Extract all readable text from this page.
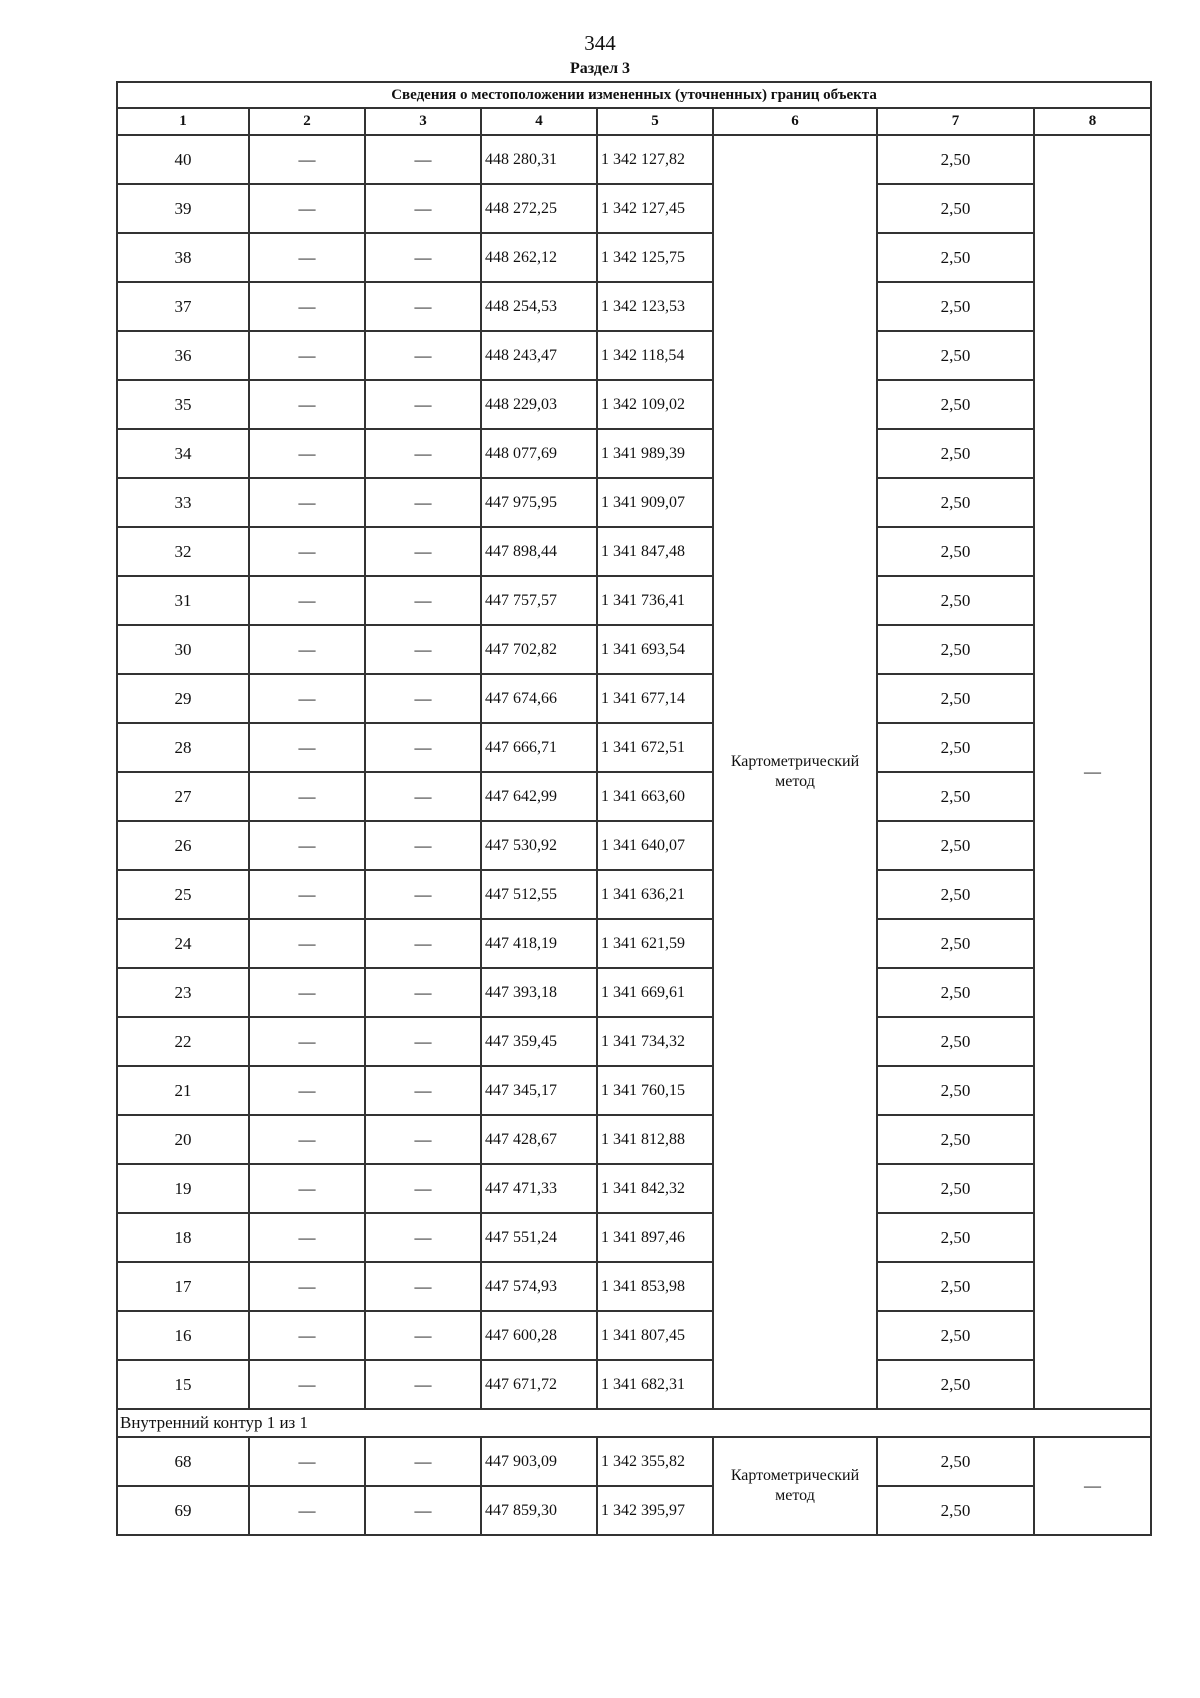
344
Раздел 3
Сведения о местоположении измененных (уточненных) границ объекта							
1	2	3	4	5	6	7	8
40	—	—	448 280,31	1 342 127,82	Картометрический метод	2,50	—
39	—	—	448 272,25	1 342 127,45		2,50	
38	—	—	448 262,12	1 342 125,75		2,50	
37	—	—	448 254,53	1 342 123,53		2,50	
36	—	—	448 243,47	1 342 118,54		2,50	
35	—	—	448 229,03	1 342 109,02		2,50	
34	—	—	448 077,69	1 341 989,39		2,50	
33	—	—	447 975,95	1 341 909,07		2,50	
32	—	—	447 898,44	1 341 847,48		2,50	
31	—	—	447 757,57	1 341 736,41		2,50	
30	—	—	447 702,82	1 341 693,54		2,50	
29	—	—	447 674,66	1 341 677,14		2,50	
28	—	—	447 666,71	1 341 672,51		2,50	
27	—	—	447 642,99	1 341 663,60		2,50	
26	—	—	447 530,92	1 341 640,07		2,50	
25	—	—	447 512,55	1 341 636,21		2,50	
24	—	—	447 418,19	1 341 621,59		2,50	
23	—	—	447 393,18	1 341 669,61		2,50	
22	—	—	447 359,45	1 341 734,32		2,50	
21	—	—	447 345,17	1 341 760,15		2,50	
20	—	—	447 428,67	1 341 812,88		2,50	
19	—	—	447 471,33	1 341 842,32		2,50	
18	—	—	447 551,24	1 341 897,46		2,50	
17	—	—	447 574,93	1 341 853,98		2,50	
16	—	—	447 600,28	1 341 807,45		2,50	
15	—	—	447 671,72	1 341 682,31		2,50	
Внутренний контур 1 из 1							
68	—	—	447 903,09	1 342 355,82	Картометрический метод	2,50	—
69	—	—	447 859,30	1 342 395,97		2,50	
